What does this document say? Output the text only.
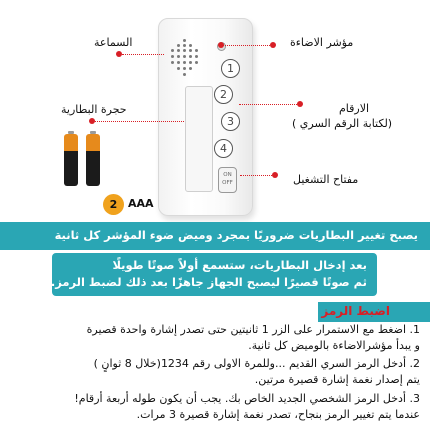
1
2
3
4
ON
OFF
السماعة	مؤشر الاضاءة
حجرة البطارية	الارقام
(لكتابة الرقم السري )
مفتاح التشغيل
2 AAA
يصبح تغيير البطاريات ضروريًا بمجرد وميض ضوء المؤشر كل ثانية
بعد إدخال البطاريات، ستسمع أولاً صوتًا طويلًا
ثم صوتًا قصيرًا ليصبح الجهاز جاهزًا بعد ذلك لضبط الرمز.
اضبط الرمز
1. اضغط مع الاستمرار على الزر 1 ثانيتين حتى تصدر إشارة واحدة قصيرة
و يبدأ مؤشرالاضاءة بالوميض كل ثانية.
2. أدخل الرمز السري القديم ...وللمرة الاولى رقم 1234(خلال 8 ثوانٍ )
يتم إصدار نغمة إشارة قصيرة مرتين.
3. أدخل الرمز الشخصي الجديد الخاص بك. يجب أن يكون طوله أربعة أرقام!
عندما يتم تغيير الرمز بنجاح، تصدر نغمة إشارة قصيرة 3 مرات.
